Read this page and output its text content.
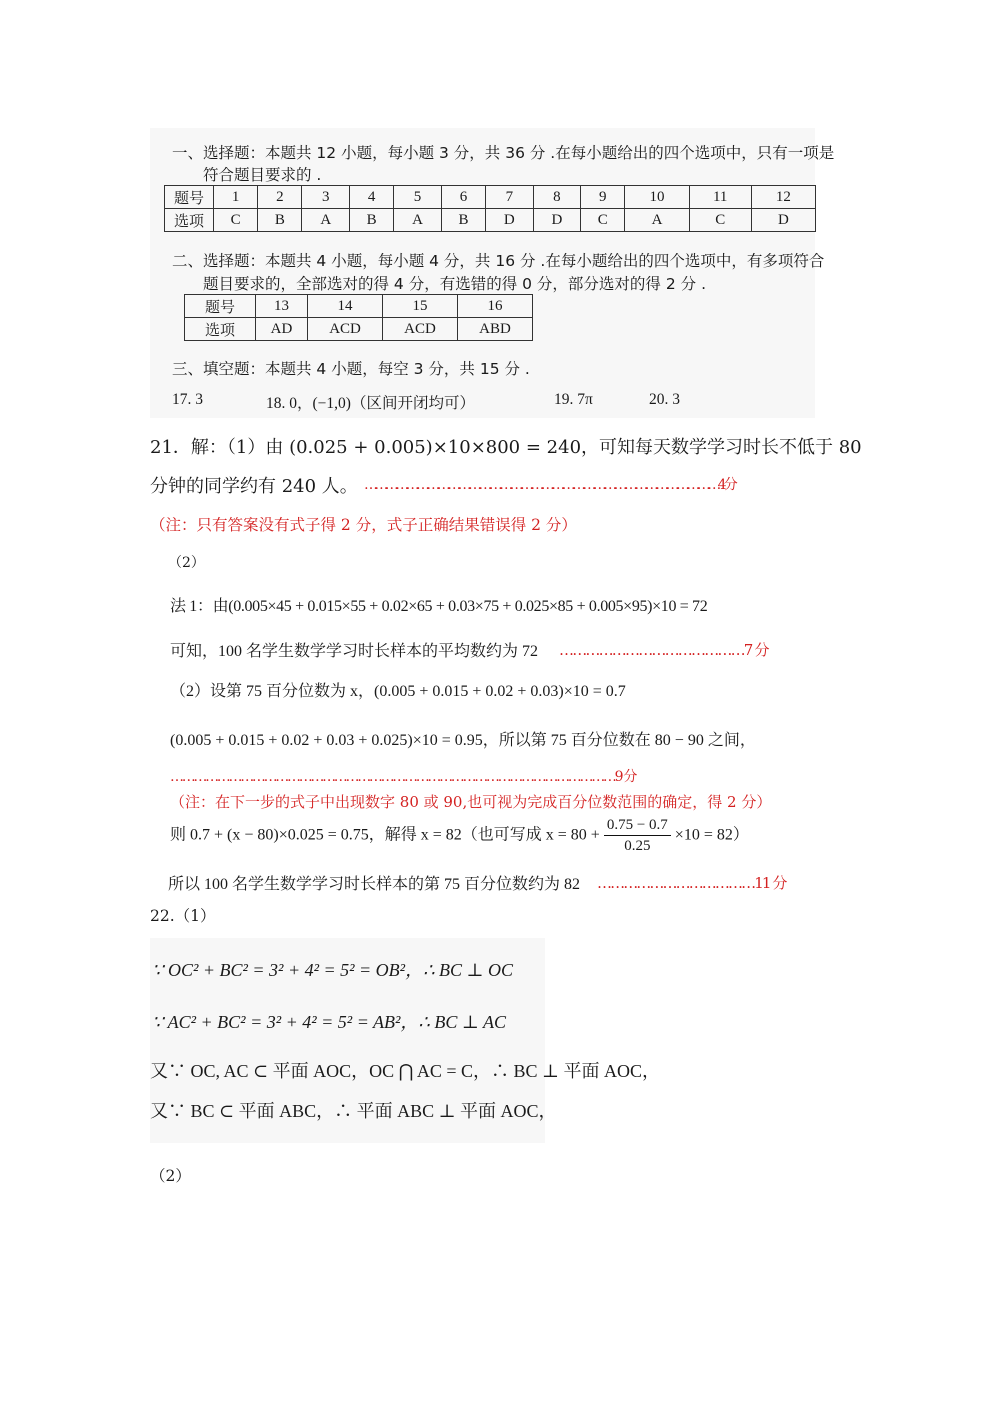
一、选择题：本题共 12 小题，每小题 3 分，共 36 分 .在每小题给出的四个选项中，只有一项是
符合题目要求的 .
题号	1	2	3	4	5	6	7	8	9	10	11	12
选项	C	B	A	B	A	B	D	D	C	A	C	D
二、选择题：本题共 4 小题，每小题 4 分，共 16 分 .在每小题给出的四个选项中，有多项符合
题目要求的，全部选对的得 4 分，有选错的得 0 分，部分选对的得 2 分 .
题号	13	14	15	16
选项	AD	ACD	ACD	ABD
三、填空题：本题共 4 小题，每空 3 分，共 15 分 .
17. 3	18. 0，(−1,0)（区间开闭均可）	19. 7π	20. 3
21．解：（1）由 (0.025 + 0.005)×10×800 = 240，可知每天数学学习时长不低于 80
分钟的同学约有 240 人。 …………………………………………………………………………………………4 分
（注：只有答案没有式子得 2 分，式子正确结果错误得 2 分）
（2）
法 1：由(0.005×45 + 0.015×55 + 0.02×65 + 0.03×75 + 0.025×85 + 0.005×95)×10 = 72
可知，100 名学生数学学习时长样本的平均数约为 72 ……………………………………7 分
（2）设第 75 百分位数为 x，(0.005 + 0.015 + 0.02 + 0.03)×10 = 0.7
(0.005 + 0.015 + 0.02 + 0.03 + 0.025)×10 = 0.95，所以第 75 百分位数在 80 − 90 之间，
……………………………………………………………………………………………………9 分
（注：在下一步的式子中出现数字 80 或 90,也可视为完成百分位数范围的确定，得 2 分）
则 0.7 + (x − 80)×0.025 = 0.75，解得 x = 82（也可写成 $x = 80 + \frac{0.75 - 0.7}{0.25} \times 10 = 82$）
所以 100 名学生数学学习时长样本的第 75 百分位数约为 82 ………………………………11 分
22.（1）
∵ OC² + BC² = 3² + 4² = 5² = OB²，∴ BC ⊥ OC
∵ AC² + BC² = 3² + 4² = 5² = AB²，∴ BC ⊥ AC
又∵ OC, AC ⊂ 平面 AOC，OC ⋂ AC = C，∴ BC ⊥ 平面 AOC，
又∵ BC ⊂ 平面 ABC，∴ 平面 ABC ⊥ 平面 AOC，
（2）
